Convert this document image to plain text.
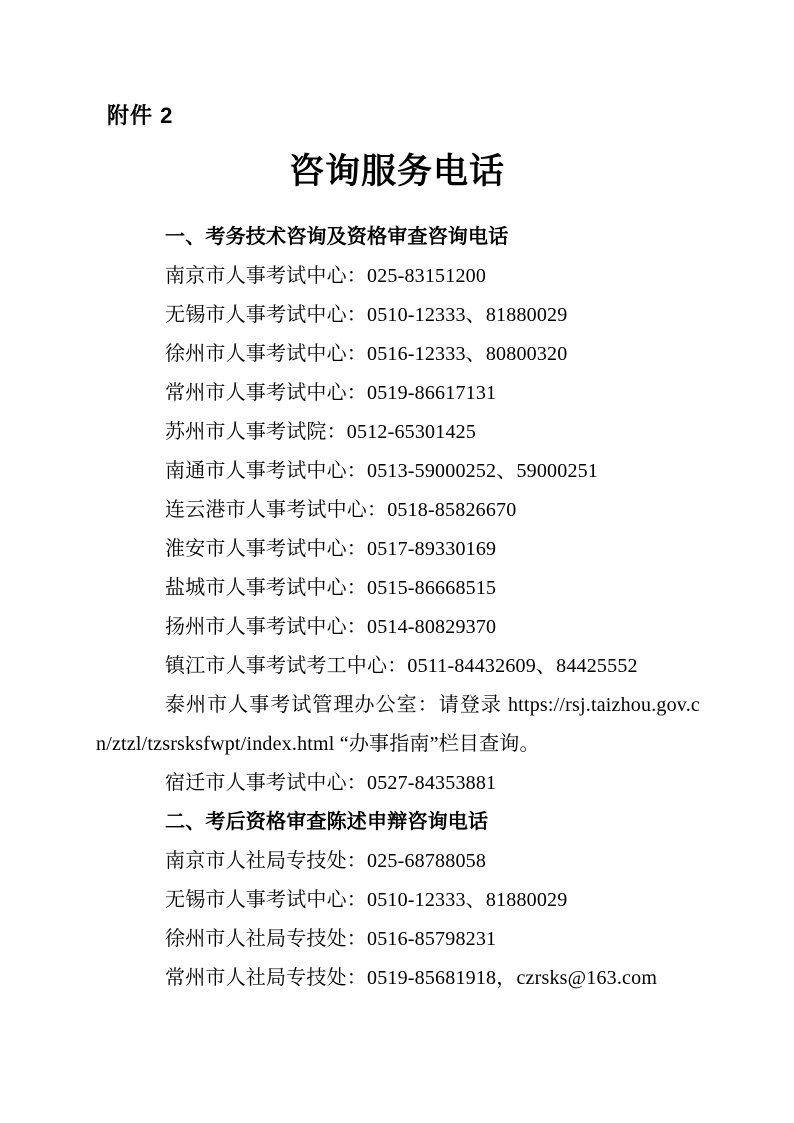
附件 2
咨询服务电话

一、考务技术咨询及资格审查咨询电话

南京市人事考试中心：025-83151200

无锡市人事考试中心：0510-12333、81880029

徐州市人事考试中心：0516-12333、80800320

常州市人事考试中心：0519-86617131

苏州市人事考试院：0512-65301425

南通市人事考试中心：0513-59000252、59000251

连云港市人事考试中心：0518-85826670

淮安市人事考试中心：0517-89330169

盐城市人事考试中心：0515-86668515

扬州市人事考试中心：0514-80829370

镇江市人事考试考工中心：0511-84432609、84425552

泰州市人事考试管理办公室：请登录 https://rsj.taizhou.gov.cn/ztzl/tzsrsksfwpt/index.html “办事指南”栏目查询。

宿迁市人事考试中心：0527-84353881

二、考后资格审查陈述申辩咨询电话

南京市人社局专技处：025-68788058

无锡市人事考试中心：0510-12333、81880029

徐州市人社局专技处：0516-85798231

常州市人社局专技处：0519-85681918，czrsks@163.com
